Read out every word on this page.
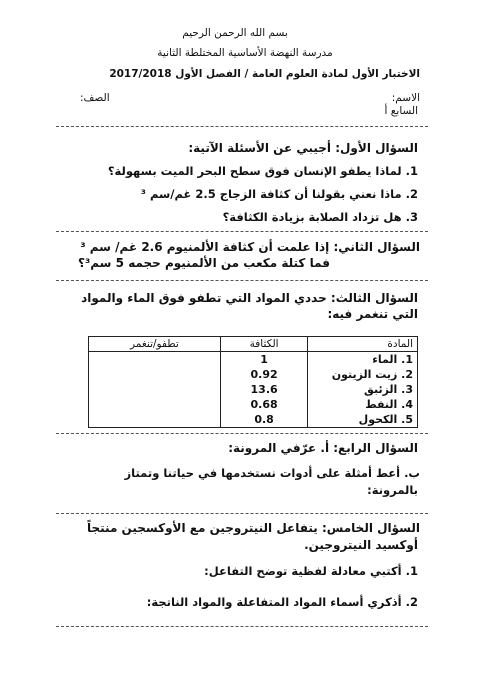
بسم الله الرحمن الرحيم
مدرسة النهضة الأساسية المختلطة الثانية
الاختبار الأول لمادة العلوم العامة / الفصل الأول 2017/2018
الاسم:
الصف:
السابع أ
السؤال الأول: أجيبي عن الأسئلة الآتية:
1. لماذا يطفو الإنسان فوق سطح البحر الميت بسهولة؟
2. ماذا نعني بقولنا أن كثافة الزجاج 2.5 غم/سم ³
3. هل تزداد الصلابة بزيادة الكثافة؟
السؤال الثاني: إذا علمت أن كثافة الألمنيوم 2.6 غم/ سم ³
فما كتلة مكعب من الألمنيوم حجمه 5 سم³؟
السؤال الثالث: حددي المواد التي تطفو فوق الماء والمواد
التي تنغمر فيه:
المادة	الكثافة	تطفو/تنغمر
1. الماء	1	
2. زيت الزيتون	0.92	
3. الزئبق	13.6	
4. النفط	0.68	
5. الكحول	0.8	
السؤال الرابع: أ. عرّفي المرونة:
ب. أعط أمثلة على أدوات نستخدمها في حياتنا وتمتاز
بالمرونة:
السؤال الخامس: يتفاعل النيتروجين مع الأوكسجين منتجاً
أوكسيد النيتروجين.
1. أكتبي معادلة لفظية توضح التفاعل:
2. أذكري أسماء المواد المتفاعلة والمواد الناتجة:
